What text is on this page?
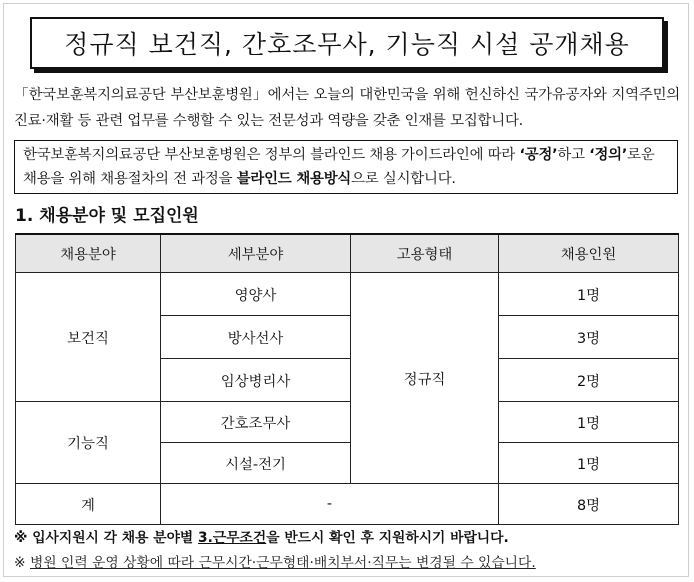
정규직 보건직, 간호조무사, 기능직 시설 공개채용
「한국보훈복지의료공단 부산보훈병원」에서는 오늘의 대한민국을 위해 헌신하신 국가유공자와 지역주민의 진료·재활 등 관련 업무를 수행할 수 있는 전문성과 역량을 갖춘 인재를 모집합니다.
한국보훈복지의료공단 부산보훈병원은 정부의 블라인드 채용 가이드라인에 따라 ‘공정’하고 ‘정의’로운 채용을 위해 채용절차의 전 과정을 블라인드 채용방식으로 실시합니다.
1. 채용분야 및 모집인원
채용분야	세부분야	고용형태	채용인원
보건직	영양사	정규직	1명
	방사선사		3명
	임상병리사		2명
기능직	간호조무사		1명
	시설-전기		1명
계	-		8명
※ 입사지원시 각 채용 분야별 3.근무조건을 반드시 확인 후 지원하시기 바랍니다.
※ 병원 인력 운영 상황에 따라 근무시간·근무형태·배치부서·직무는 변경될 수 있습니다.
